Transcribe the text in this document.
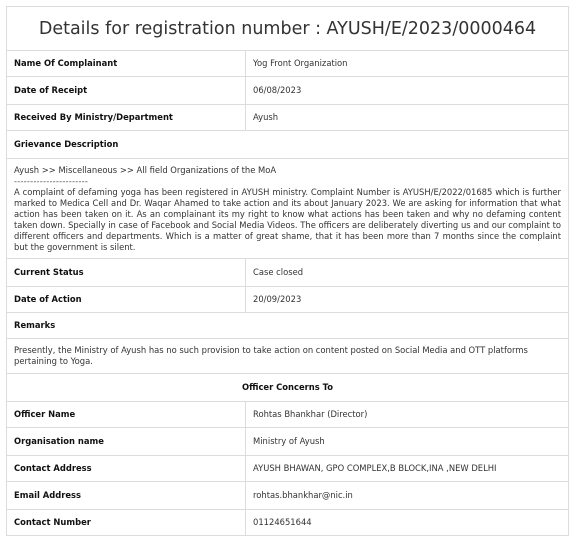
Details for registration number : AYUSH/E/2023/0000464	
Name Of Complainant	Yog Front Organization
Date of Receipt	06/08/2023
Received By Ministry/Department	Ayush
Grievance Description	

Ayush >> Miscellaneous >> All field Organizations of the MoA
-----------------------
A complaint of defaming yoga has been registered in AYUSH ministry. Complaint Number is AYUSH/E/2022/01685 which is further marked to Medica Cell and Dr. Waqar Ahamed to take action and its about January 2023. We are asking for information that what action has been taken on it. As an complainant its my right to know what actions has been taken and why no defaming content taken down. Specially in case of Facebook and Social Media Videos. The officers are deliberately diverting us and our complaint to different officers and departments. Which is a matter of great shame, that it has been more than 7 months since the complaint but the government is silent.	

Current Status	Case closed
Date of Action	20/09/2023
Remarks	
Presently, the Ministry of Ayush has no such provision to take action on content posted on Social Media and OTT platforms pertaining to Yoga.	
Officer Concerns To	
Officer Name	Rohtas Bhankhar (Director)
Organisation name	Ministry of Ayush
Contact Address	AYUSH BHAWAN, GPO COMPLEX,B BLOCK,INA ,NEW DELHI
Email Address	rohtas.bhankhar@nic.in
Contact Number	01124651644
